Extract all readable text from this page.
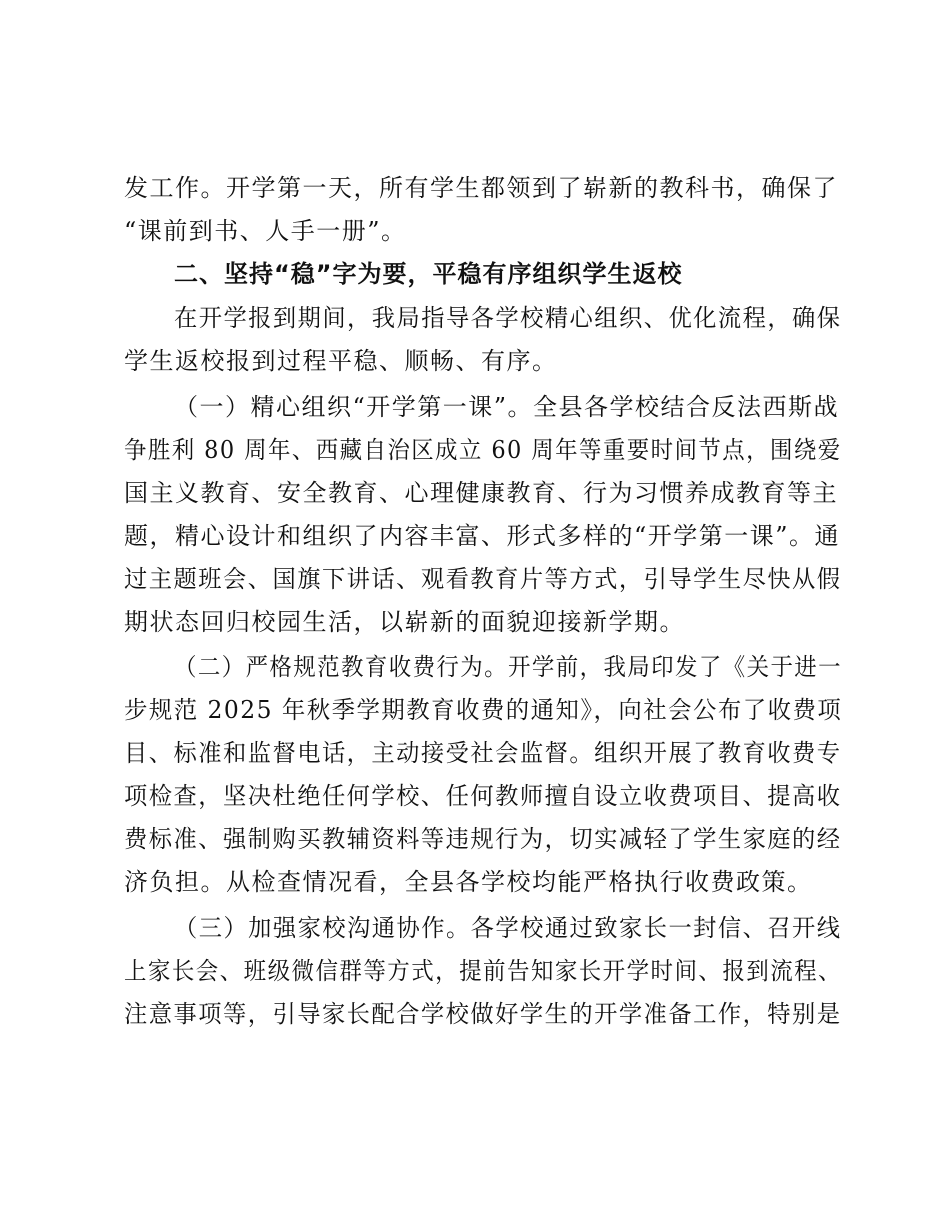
发工作。开学第一天，所有学生都领到了崭新的教科书，确保了
“课前到书、人手一册”。
二、坚持“稳”字为要，平稳有序组织学生返校
在开学报到期间，我局指导各学校精心组织、优化流程，确保
学生返校报到过程平稳、顺畅、有序。
（一）精心组织“开学第一课”。全县各学校结合反法西斯战
争胜利 80 周年、西藏自治区成立 60 周年等重要时间节点，围绕爱
国主义教育、安全教育、心理健康教育、行为习惯养成教育等主
题，精心设计和组织了内容丰富、形式多样的“开学第一课”。通
过主题班会、国旗下讲话、观看教育片等方式，引导学生尽快从假
期状态回归校园生活，以崭新的面貌迎接新学期。
（二）严格规范教育收费行为。开学前，我局印发了《关于进一
步规范 2025 年秋季学期教育收费的通知》，向社会公布了收费项
目、标准和监督电话，主动接受社会监督。组织开展了教育收费专
项检查，坚决杜绝任何学校、任何教师擅自设立收费项目、提高收
费标准、强制购买教辅资料等违规行为，切实减轻了学生家庭的经
济负担。从检查情况看，全县各学校均能严格执行收费政策。
（三）加强家校沟通协作。各学校通过致家长一封信、召开线
上家长会、班级微信群等方式，提前告知家长开学时间、报到流程、
注意事项等，引导家长配合学校做好学生的开学准备工作，特别是
